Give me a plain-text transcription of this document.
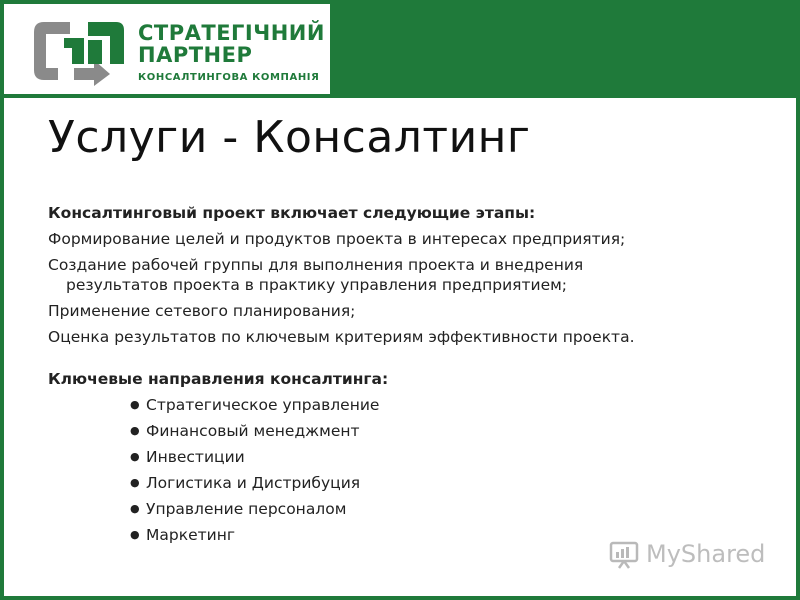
СТРАТЕГІЧНИЙ
ПАРТНЕР
КОНСАЛТИНГОВА КОМПАНІЯ
Услуги - Консалтинг
Консалтинговый проект включает следующие этапы:
Формирование целей и продуктов проекта в интересах предприятия;
Создание рабочей группы для выполнения проекта и внедрения
результатов проекта в практику управления предприятием;
Применение сетевого планирования;
Оценка результатов по ключевым критериям эффективности проекта.
Ключевые направления консалтинга:
● Стратегическое управление
● Финансовый менеджмент
● Инвестиции
● Логистика и Дистрибуция
● Управление персоналом
● Маркетинг
MyShared
